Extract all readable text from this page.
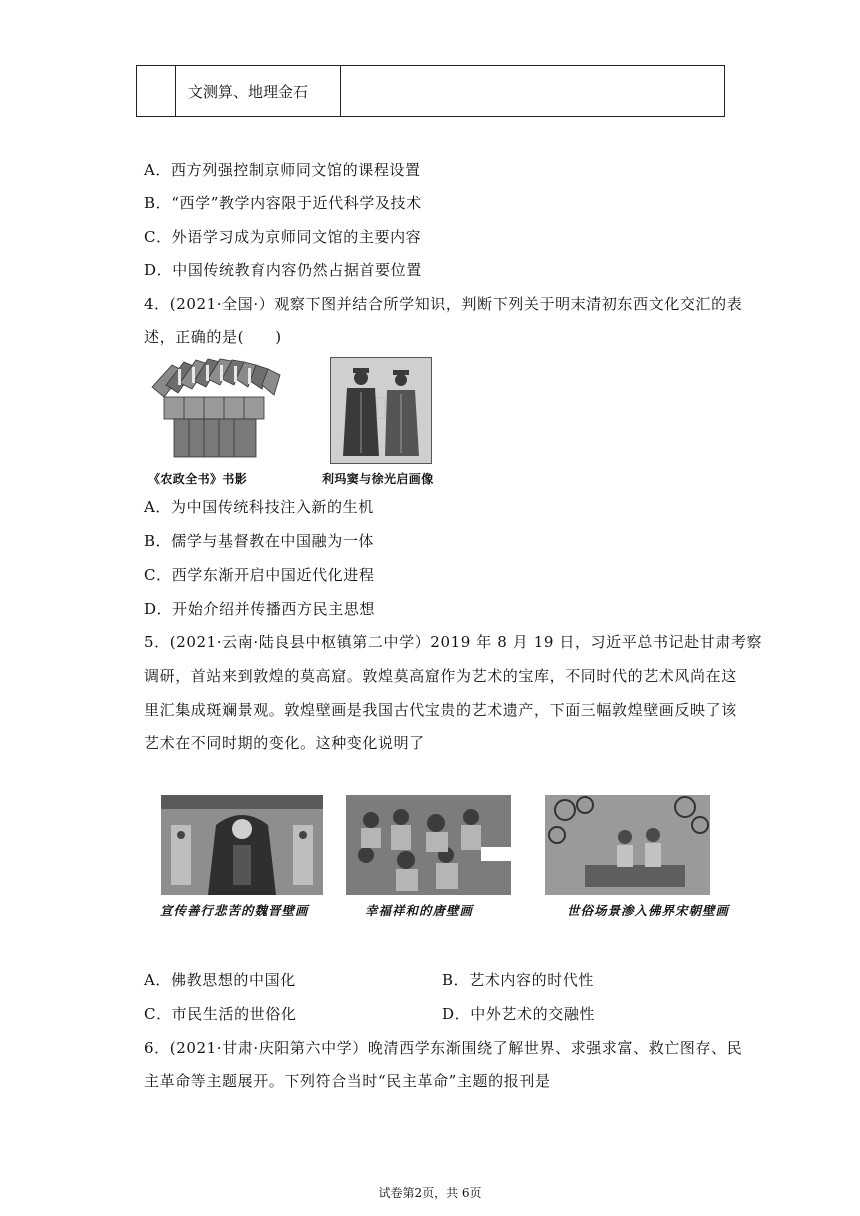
	文测算、地理金石	
A．西方列强控制京师同文馆的课程设置
B．“西学”教学内容限于近代科学及技术
C．外语学习成为京师同文馆的主要内容
D．中国传统教育内容仍然占据首要位置
4．(2021·全国·）观察下图并结合所学知识，判断下列关于明末清初东西文化交汇的表
述，正确的是(　　)
《农政全书》书影	利玛窦与徐光启画像
A．为中国传统科技注入新的生机
B．儒学与基督教在中国融为一体
C．西学东渐开启中国近代化进程
D．开始介绍并传播西方民主思想
5．(2021·云南·陆良县中枢镇第二中学）2019 年 8 月 19 日，习近平总书记赴甘肃考察
调研，首站来到敦煌的莫高窟。敦煌莫高窟作为艺术的宝库，不同时代的艺术风尚在这
里汇集成斑斓景观。敦煌壁画是我国古代宝贵的艺术遗产，下面三幅敦煌壁画反映了该
艺术在不同时期的变化。这种变化说明了
宣传善行悲苦的魏晋壁画	幸福祥和的唐壁画	世俗场景渗入佛界宋朝壁画
A．佛教思想的中国化	B．艺术内容的时代性
C．市民生活的世俗化	D．中外艺术的交融性
6．(2021·甘肃·庆阳第六中学）晚清西学东渐围绕了解世界、求强求富、救亡图存、民
主革命等主题展开。下列符合当时“民主革命”主题的报刊是
试卷第2页，共 6页
